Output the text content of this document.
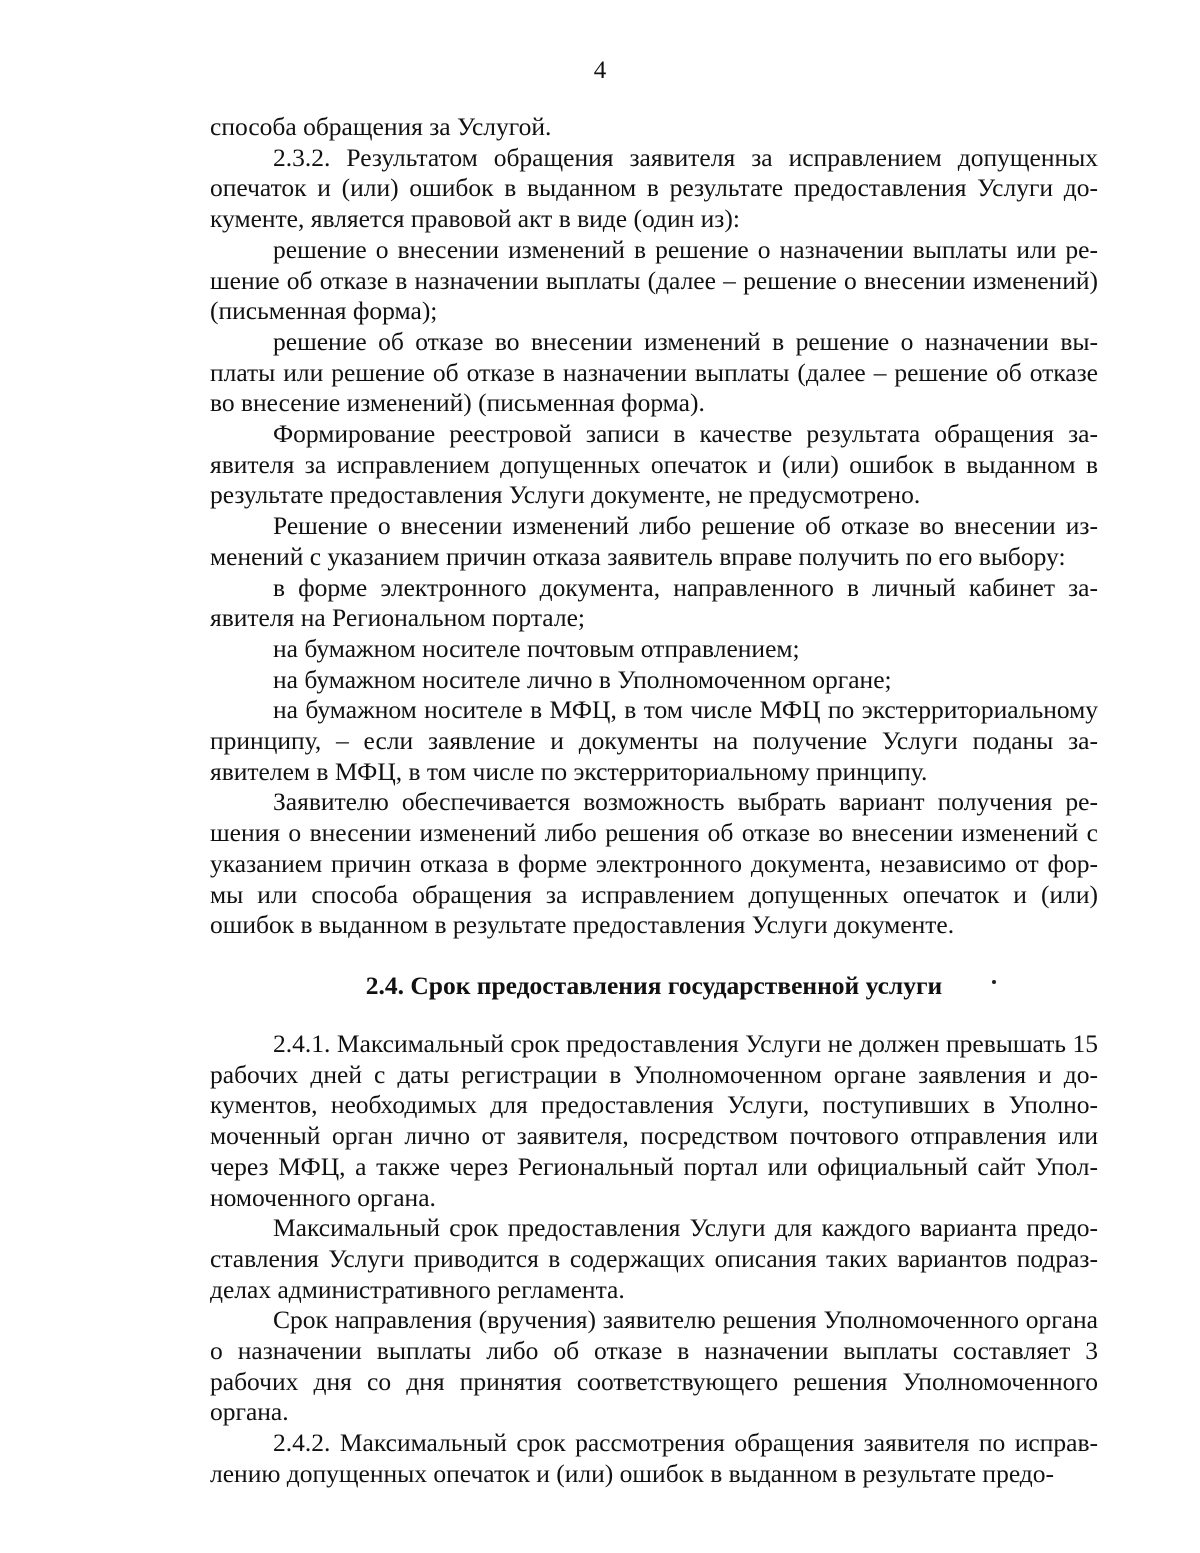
4

способа обращения за Услугой.

2.3.2. Результатом обращения заявителя за исправлением допущенных опечаток и (или) ошибок в выданном в результате предоставления Услуги документе, является правовой акт в виде (один из):

решение о внесении изменений в решение о назначении выплаты или решение об отказе в назначении выплаты (далее – решение о внесении изменений) (письменная форма);

решение об отказе во внесении изменений в решение о назначении выплаты или решение об отказе в назначении выплаты (далее – решение об отказе во внесение изменений) (письменная форма).

Формирование реестровой записи в качестве результата обращения заявителя за исправлением допущенных опечаток и (или) ошибок в выданном в результате предоставления Услуги документе, не предусмотрено.

Решение о внесении изменений либо решение об отказе во внесении изменений с указанием причин отказа заявитель вправе получить по его выбору:

в форме электронного документа, направленного в личный кабинет заявителя на Региональном портале;

на бумажном носителе почтовым отправлением;

на бумажном носителе лично в Уполномоченном органе;

на бумажном носителе в МФЦ, в том числе МФЦ по экстерриториальному принципу, – если заявление и документы на получение Услуги поданы заявителем в МФЦ, в том числе по экстерриториальному принципу.

Заявителю обеспечивается возможность выбрать вариант получения решения о внесении изменений либо решения об отказе во внесении изменений с указанием причин отказа в форме электронного документа, независимо от формы или способа обращения за исправлением допущенных опечаток и (или) ошибок в выданном в результате предоставления Услуги документе.

2.4. Срок предоставления государственной услуги

2.4.1. Максимальный срок предоставления Услуги не должен превышать 15 рабочих дней с даты регистрации в Уполномоченном органе заявления и документов, необходимых для предоставления Услуги, поступивших в Уполномоченный орган лично от заявителя, посредством почтового отправления или через МФЦ, а также через Региональный портал или официальный сайт Уполномоченного органа.

Максимальный срок предоставления Услуги для каждого варианта предоставления Услуги приводится в содержащих описания таких вариантов подразделах административного регламента.

Срок направления (вручения) заявителю решения Уполномоченного органа о назначении выплаты либо об отказе в назначении выплаты составляет 3 рабочих дня со дня принятия соответствующего решения Уполномоченного органа.

2.4.2. Максимальный срок рассмотрения обращения заявителя по исправлению допущенных опечаток и (или) ошибок в выданном в результате предо-
